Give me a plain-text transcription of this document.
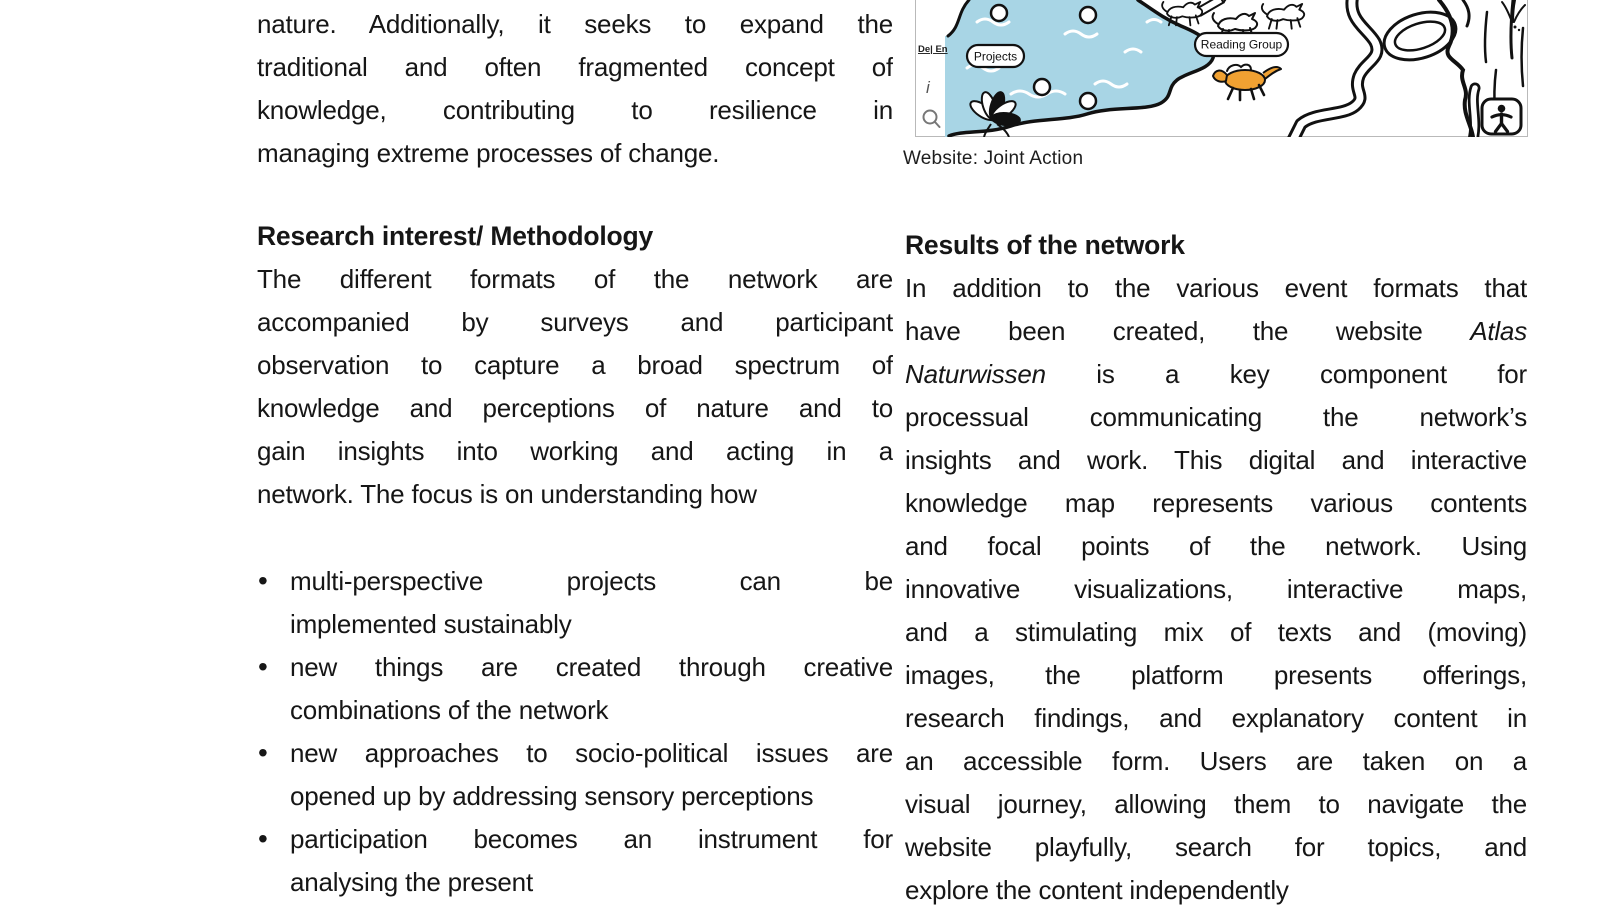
nature. Additionally, it seeks to expand the
traditional and often fragmented concept of
knowledge, contributing to resilience in
managing extreme processes of change.
Research interest/ Methodology
The different formats of the network are
accompanied by surveys and participant
observation to capture a broad spectrum of
knowledge and perceptions of nature and to
gain insights into working and acting in a
network. The focus is on understanding how
• multi-perspective projects can be
implemented sustainably
• new things are created through creative
combinations of the network
• new approaches to socio-political issues are
opened up by addressing sensory perceptions
• participation becomes an instrument for
analysing the present
Projects
Reading Group
De| En
i
Website: Joint Action
Results of the network
In addition to the various event formats that
have been created, the website Atlas
Naturwissen is a key component for
processual communicating the network’s
insights and work. This digital and interactive
knowledge map represents various contents
and focal points of the network. Using
innovative visualizations, interactive maps,
and a stimulating mix of texts and (moving)
images, the platform presents offerings,
research findings, and explanatory content in
an accessible form. Users are taken on a
visual journey, allowing them to navigate the
website playfully, search for topics, and
explore the content independently
